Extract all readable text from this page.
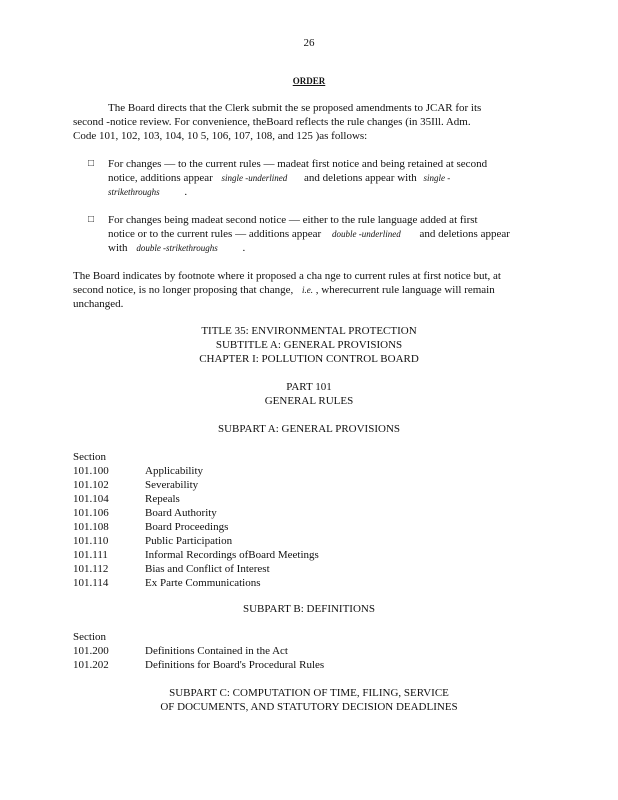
26
ORDER
The Board directs that the Clerk submit the se proposed amendments to JCAR for its
second -notice review. For convenience, theBoard reflects the rule changes (in 35Ill. Adm.
Code 101, 102, 103, 104, 10 5, 106, 107, 108, and 125 )as follows:
□ For changes — to the current rules — madeat first notice and being retained at second
notice, additions appear single -underlined and deletions appear with single -
strikethroughs .
□ For changes being madeat second notice — either to the rule language added at first
notice or to the current rules — additions appear double -underlined and deletions appear
with double -strikethroughs .
The Board indicates by footnote where it proposed a cha nge to current rules at first notice but, at
second notice, is no longer proposing that change, i.e. , wherecurrent rule language will remain
unchanged.
TITLE 35: ENVIRONMENTAL PROTECTION
SUBTITLE A: GENERAL PROVISIONS
CHAPTER I: POLLUTION CONTROL BOARD
PART 101
GENERAL RULES
SUBPART A: GENERAL PROVISIONS
Section
101.100	Applicability
101.102	Severability
101.104	Repeals
101.106	Board Authority
101.108	Board Proceedings
101.110	Public Participation
101.111	Informal Recordings ofBoard Meetings
101.112	Bias and Conflict of Interest
101.114	Ex Parte Communications
SUBPART B: DEFINITIONS
Section
101.200	Definitions Contained in the Act
101.202	Definitions for Board's Procedural Rules
SUBPART C: COMPUTATION OF TIME, FILING, SERVICE
OF DOCUMENTS, AND STATUTORY DECISION DEADLINES
